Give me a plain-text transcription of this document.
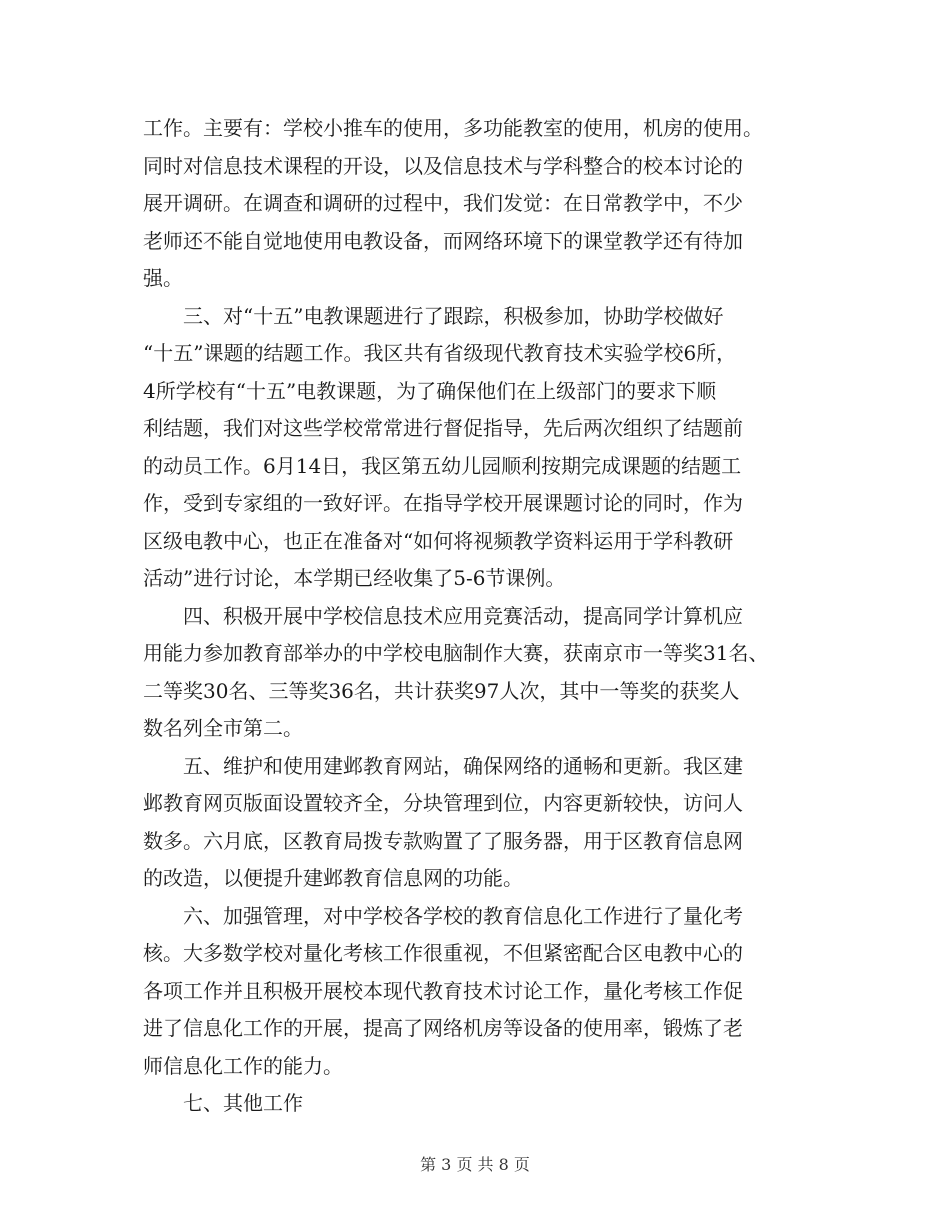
工作。主要有：学校小推车的使用，多功能教室的使用，机房的使用。
同时对信息技术课程的开设，以及信息技术与学科整合的校本讨论的
展开调研。在调查和调研的过程中，我们发觉：在日常教学中，不少
老师还不能自觉地使用电教设备，而网络环境下的课堂教学还有待加
强。
　　三、对“十五”电教课题进行了跟踪，积极参加，协助学校做好
“十五”课题的结题工作。我区共有省级现代教育技术实验学校6所，
4所学校有“十五”电教课题，为了确保他们在上级部门的要求下顺
利结题，我们对这些学校常常进行督促指导，先后两次组织了结题前
的动员工作。6月14日，我区第五幼儿园顺利按期完成课题的结题工
作，受到专家组的一致好评。在指导学校开展课题讨论的同时，作为
区级电教中心，也正在准备对“如何将视频教学资料运用于学科教研
活动”进行讨论，本学期已经收集了5-6节课例。
　　四、积极开展中学校信息技术应用竞赛活动，提高同学计算机应
用能力参加教育部举办的中学校电脑制作大赛，获南京市一等奖31名、
二等奖30名、三等奖36名，共计获奖97人次，其中一等奖的获奖人
数名列全市第二。
　　五、维护和使用建邺教育网站，确保网络的通畅和更新。我区建
邺教育网页版面设置较齐全，分块管理到位，内容更新较快，访问人
数多。六月底，区教育局拨专款购置了了服务器，用于区教育信息网
的改造，以便提升建邺教育信息网的功能。
　　六、加强管理，对中学校各学校的教育信息化工作进行了量化考
核。大多数学校对量化考核工作很重视，不但紧密配合区电教中心的
各项工作并且积极开展校本现代教育技术讨论工作，量化考核工作促
进了信息化工作的开展，提高了网络机房等设备的使用率，锻炼了老
师信息化工作的能力。
　　七、其他工作
第 3 页 共 8 页
